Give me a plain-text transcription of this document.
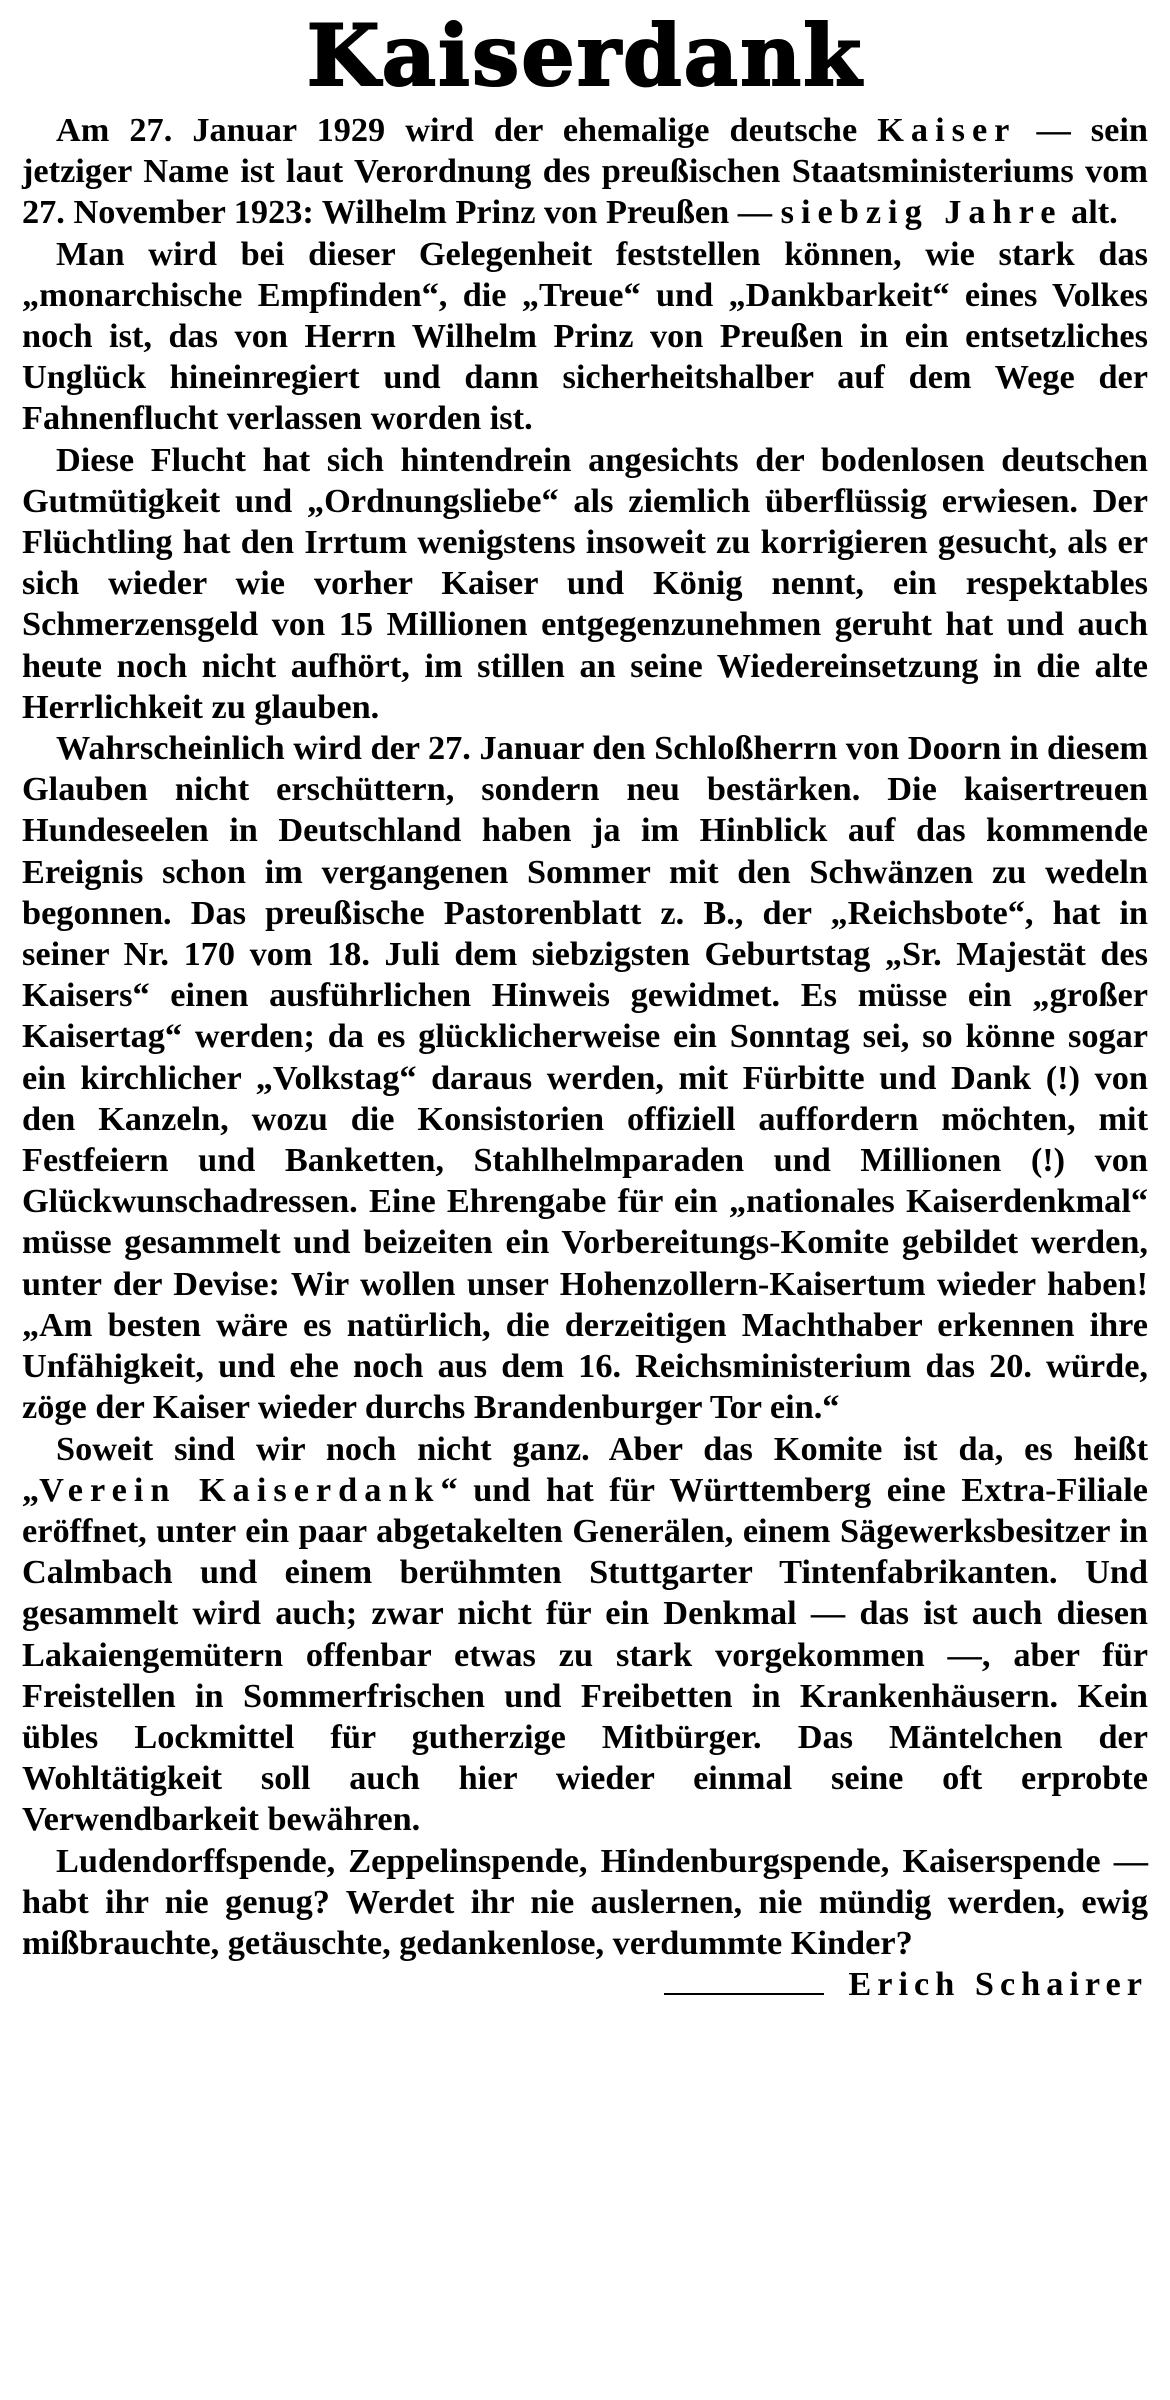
Kaiserdank

Am 27. Januar 1929 wird der ehemalige deutsche Kaiser — sein jetziger Name ist laut Verordnung des preußischen Staatsministeriums vom 27. November 1923: Wilhelm Prinz von Preußen — siebzig Jahre alt.

Man wird bei dieser Gelegenheit feststellen können, wie stark das „monarchische Empfinden“, die „Treue“ und „Dankbarkeit“ eines Volkes noch ist, das von Herrn Wilhelm Prinz von Preußen in ein entsetzliches Unglück hineinregiert und dann sicherheitshalber auf dem Wege der Fahnenflucht verlassen worden ist.

Diese Flucht hat sich hintendrein angesichts der bodenlosen deutschen Gutmütigkeit und „Ordnungsliebe“ als ziemlich überflüssig erwiesen. Der Flüchtling hat den Irrtum wenigstens insoweit zu korrigieren gesucht, als er sich wieder wie vorher Kaiser und König nennt, ein respektables Schmerzensgeld von 15 Millionen entgegenzunehmen geruht hat und auch heute noch nicht aufhört, im stillen an seine Wiedereinsetzung in die alte Herrlichkeit zu glauben.

Wahrscheinlich wird der 27. Januar den Schloßherrn von Doorn in diesem Glauben nicht erschüttern, sondern neu bestärken. Die kaisertreuen Hundeseelen in Deutschland haben ja im Hinblick auf das kommende Ereignis schon im vergangenen Sommer mit den Schwänzen zu wedeln begonnen. Das preußische Pastorenblatt z. B., der „Reichsbote“, hat in seiner Nr. 170 vom 18. Juli dem siebzigsten Geburtstag „Sr. Majestät des Kaisers“ einen ausführlichen Hinweis gewidmet. Es müsse ein „großer Kaisertag“ werden; da es glücklicherweise ein Sonntag sei, so könne sogar ein kirchlicher „Volkstag“ daraus werden, mit Fürbitte und Dank (!) von den Kanzeln, wozu die Konsistorien offiziell auffordern möchten, mit Festfeiern und Banketten, Stahlhelmparaden und Millionen (!) von Glückwunschadressen. Eine Ehrengabe für ein „nationales Kaiserdenkmal“ müsse gesammelt und beizeiten ein Vorbereitungs-Komite gebildet werden, unter der Devise: Wir wollen unser Hohenzollern-Kaisertum wieder haben! „Am besten wäre es natürlich, die derzeitigen Machthaber erkennen ihre Unfähigkeit, und ehe noch aus dem 16. Reichsministerium das 20. würde, zöge der Kaiser wieder durchs Brandenburger Tor ein.“

Soweit sind wir noch nicht ganz. Aber das Komite ist da, es heißt „Verein Kaiserdank“ und hat für Württemberg eine Extra-Filiale eröffnet, unter ein paar abgetakelten Generälen, einem Sägewerksbesitzer in Calmbach und einem berühmten Stuttgarter Tintenfabrikanten. Und gesammelt wird auch; zwar nicht für ein Denkmal — das ist auch diesen Lakaiengemütern offenbar etwas zu stark vorgekommen —, aber für Freistellen in Sommerfrischen und Freibetten in Krankenhäusern. Kein übles Lockmittel für gutherzige Mitbürger. Das Mäntelchen der Wohltätigkeit soll auch hier wieder einmal seine oft erprobte Verwendbarkeit bewähren.

Ludendorffspende, Zeppelinspende, Hindenburgspende, Kaiserspende — habt ihr nie genug? Werdet ihr nie auslernen, nie mündig werden, ewig mißbrauchte, getäuschte, gedankenlose, verdummte Kinder?

Erich Schairer
